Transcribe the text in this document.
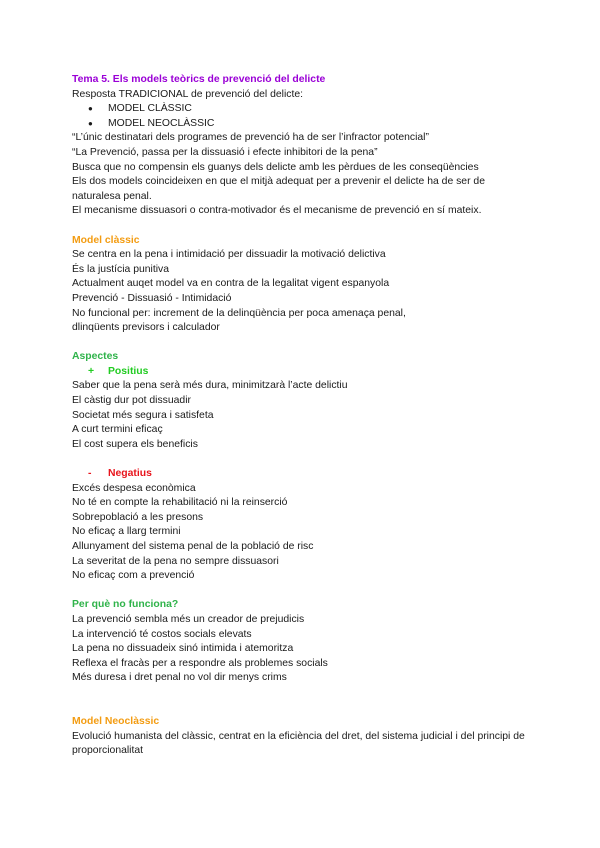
Tema 5. Els models teòrics de prevenció del delicte
Resposta TRADICIONAL de prevenció del delicte:
● MODEL CLÀSSIC
● MODEL NEOCLÀSSIC
“L’únic destinatari dels programes de prevenció ha de ser l’infractor potencial”
“La Prevenció, passa per la dissuasió i efecte inhibitori de la pena”
Busca que no compensin els guanys dels delicte amb les pèrdues de les conseqüències
Els dos models coincideixen en que el mitjà adequat per a prevenir el delicte ha de ser de naturalesa penal.
El mecanisme dissuasori o contra-motivador és el mecanisme de prevenció en sí mateix.
Model clàssic
Se centra en la pena i intimidació per dissuadir la motivació delictiva
És la justícia punitiva
Actualment auqet model va en contra de la legalitat vigent espanyola
Prevenció - Dissuasió - Intimidació
No funcional per: increment de la delinqüència per poca amenaça penal, dlinqüents previsors i calculador
Aspectes
+ Positius
Saber que la pena serà més dura, minimitzarà l’acte delictiu
El càstig dur pot dissuadir
Societat més segura i satisfeta
A curt termini eficaç
El cost supera els beneficis
- Negatius
Excés despesa econòmica
No té en compte la rehabilitació ni la reinserció
Sobrepoblació a les presons
No eficaç a llarg termini
Allunyament del sistema penal de la població de risc
La severitat de la pena no sempre dissuasori
No eficaç com a prevenció
Per què no funciona?
La prevenció sembla més un creador de prejudicis
La intervenció té costos socials elevats
La pena no dissuadeix sinó intimida i atemoritza
Reflexa el fracàs per a respondre als problemes socials
Més duresa i dret penal no vol dir menys crims
Model Neoclàssic
Evolució humanista del clàssic, centrat en la eficiència del dret, del sistema judicial i del principi de proporcionalitat
